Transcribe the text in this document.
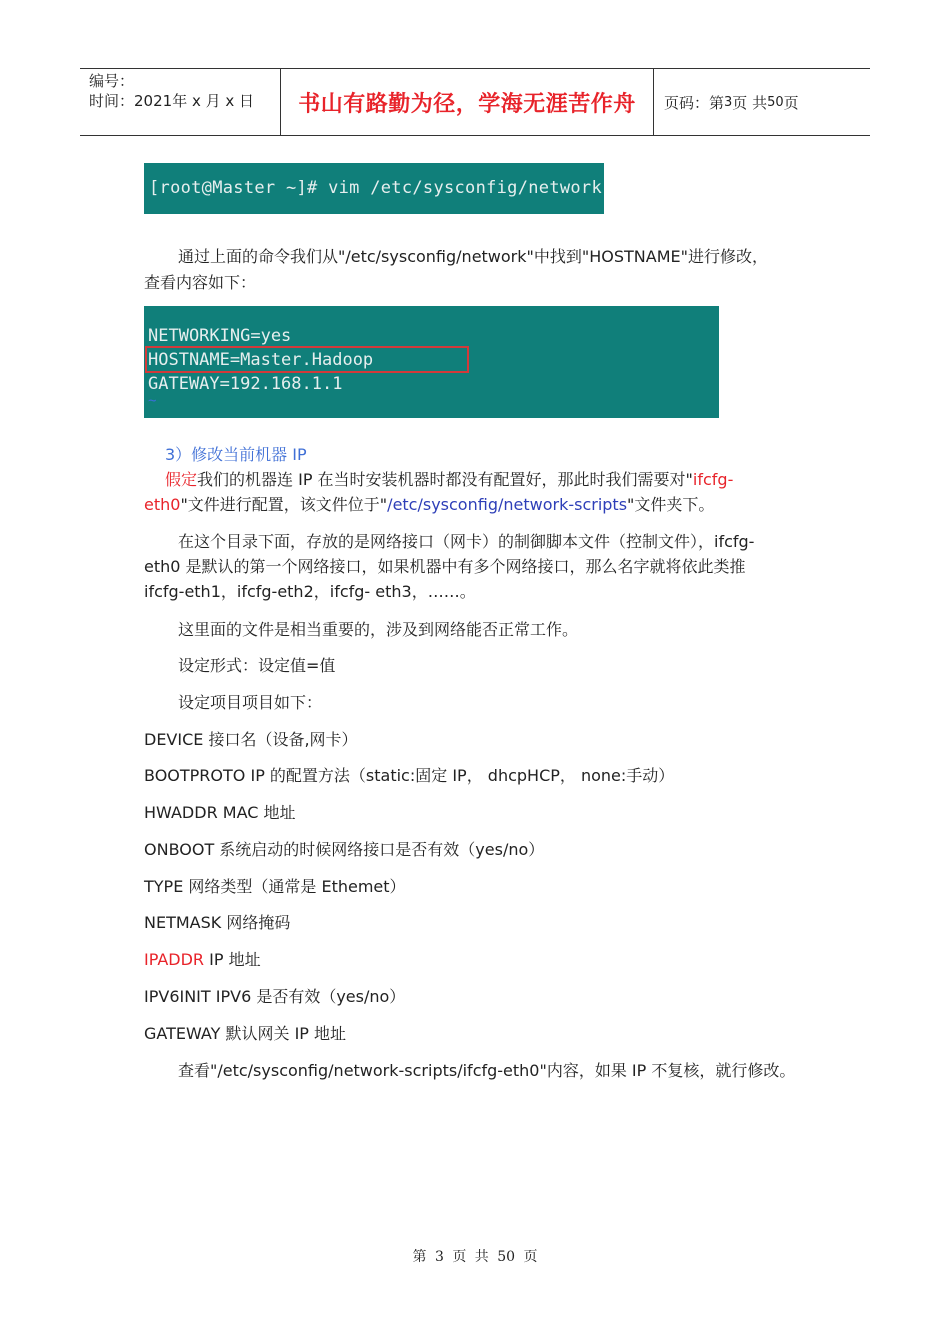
编号：
时间：2021年 x 月 x 日	书山有路勤为径，学海无涯苦作舟	页码：第 3 页 共 50 页
[root@Master ~]# vim /etc/sysconfig/network
通过上面的命令我们从"/etc/sysconfig/network"中找到"HOSTNAME"进行修改，
查看内容如下：
NETWORKING=yes
HOSTNAME=Master.Hadoop
GATEWAY=192.168.1.1
~
3）修改当前机器 IP
假定我们的机器连 IP 在当时安装机器时都没有配置好，那此时我们需要对"ifcfg-
eth0"文件进行配置，该文件位于"/etc/sysconfig/network-scripts"文件夹下。
在这个目录下面，存放的是网络接口（网卡）的制御脚本文件（控制文件），ifcfg-
eth0 是默认的第一个网络接口，如果机器中有多个网络接口，那么名字就将依此类推
ifcfg-eth1，ifcfg-eth2，ifcfg- eth3，……。
这里面的文件是相当重要的，涉及到网络能否正常工作。
设定形式：设定值=值
设定项目项目如下：
DEVICE 接口名（设备,网卡）
BOOTPROTO IP 的配置方法（static:固定 IP， dhcpHCP， none:手动）
HWADDR MAC 地址
ONBOOT 系统启动的时候网络接口是否有效（yes/no）
TYPE 网络类型（通常是 Ethemet）
NETMASK 网络掩码
IPADDR IP 地址
IPV6INIT IPV6 是否有效（yes/no）
GATEWAY 默认网关 IP 地址
查看"/etc/sysconfig/network-scripts/ifcfg-eth0"内容，如果 IP 不复核，就行修改。
第 3 页 共 50 页
